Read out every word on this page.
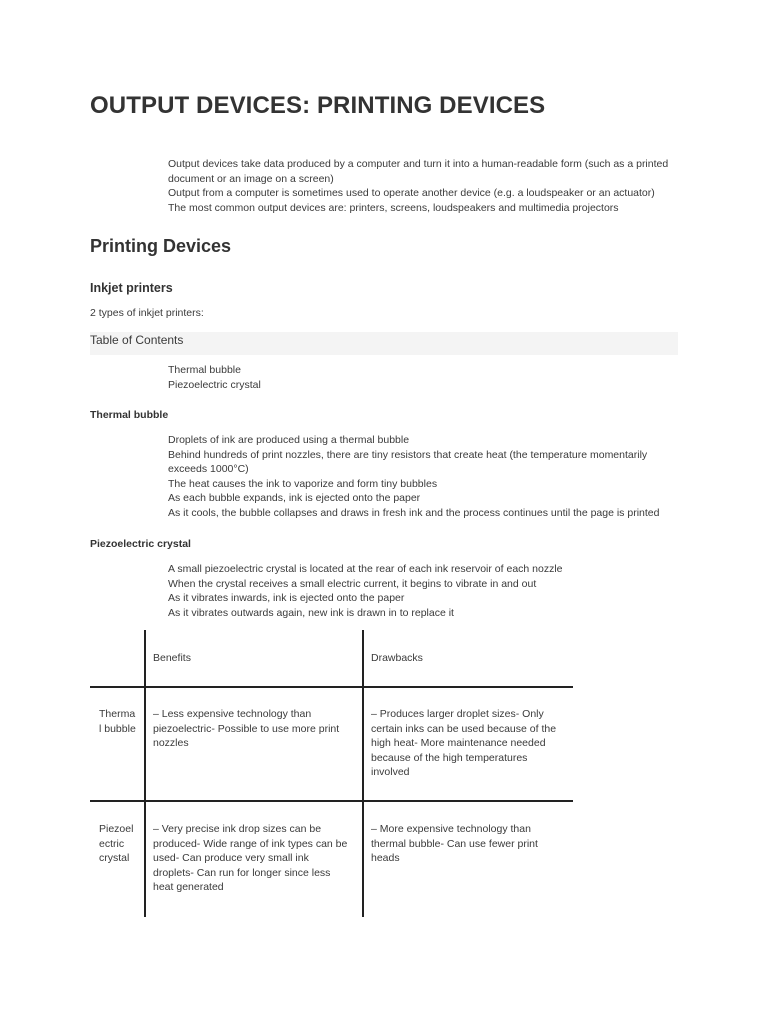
OUTPUT DEVICES: PRINTING DEVICES
Output devices take data produced by a computer and turn it into a human-readable form (such as a printed
document or an image on a screen)
Output from a computer is sometimes used to operate another device (e.g. a loudspeaker or an actuator)
The most common output devices are: printers, screens, loudspeakers and multimedia projectors
Printing Devices
Inkjet printers
2 types of inkjet printers:
Table of Contents
Thermal bubble
Piezoelectric crystal
Thermal bubble
Droplets of ink are produced using a thermal bubble
Behind hundreds of print nozzles, there are tiny resistors that create heat (the temperature momentarily
exceeds 1000°C)
The heat causes the ink to vaporize and form tiny bubbles
As each bubble expands, ink is ejected onto the paper
As it cools, the bubble collapses and draws in fresh ink and the process continues until the page is printed
Piezoelectric crystal
A small piezoelectric crystal is located at the rear of each ink reservoir of each nozzle
When the crystal receives a small electric current, it begins to vibrate in and out
As it vibrates inwards, ink is ejected onto the paper
As it vibrates outwards again, new ink is drawn in to replace it
Benefits	Drawbacks
Therma
l bubble
– Less expensive technology than
piezoelectric- Possible to use more print
nozzles
– Produces larger droplet sizes- Only
certain inks can be used because of the
high heat- More maintenance needed
because of the high temperatures
involved
Piezoel
ectric
crystal
– Very precise ink drop sizes can be
produced- Wide range of ink types can be
used- Can produce very small ink
droplets- Can run for longer since less
heat generated
– More expensive technology than
thermal bubble- Can use fewer print
heads
